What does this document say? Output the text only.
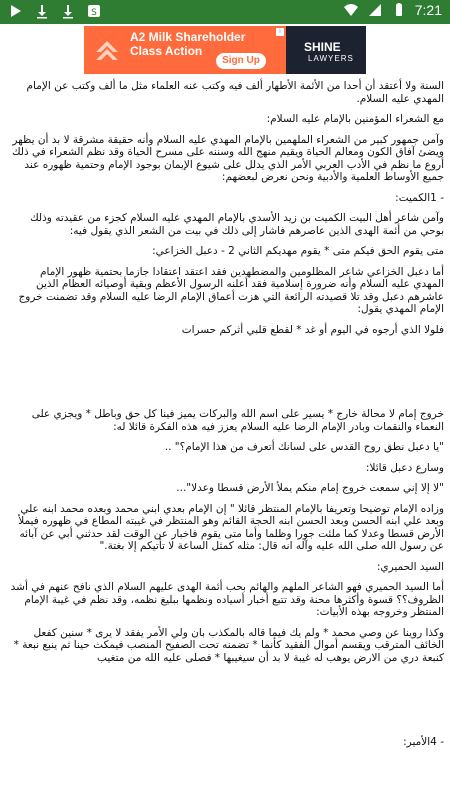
S	7:21
A2 Milk Shareholder
Class Action
Sign Up
i
SHINE
LAWYERS

السنة ولا أعتقد أن أحدا من الأئمة الأطهار ألف فيه وكتب عنه العلماء مثل ما ألف وكتب عن الإمام المهدي عليه السلام.

مع الشعراء المؤمنين بالإمام عليه السلام:

وآمن جمهور كبير من الشعراء الملهمين بالإمام المهدي عليه السلام وأنه حقيقة مشرقة لا بد أن يظهر ويضئ آفاق الكون ومعالم الحياة ويقيم منهج الله وسننه على مسرح الحياة وقد نظم الشعراء في ذلك أروع ما نظم في الأدب العربي الأمر الذي يدلل على شيوع الإيمان بوجود الإمام وحتمية ظهوره عند جميع الأوساط العلمية والأدبية ونحن نعرض لبعضهم:

- 1الكميت:

وآمن شاعر أهل البيت الكميت بن زيد الأسدي بالإمام المهدي عليه السلام كجزء من عقيدته وذلك بوحي من أئمة الهدى الذين عاصرهم فاشار إلى ذلك في بيت من الشعر الذي يقول فيه:

متى يقوم الحق فيكم متى * يقوم مهديكم الثاني 2 - دعبل الخزاعي:

أما دعبل الخزاعي شاعر المظلومين والمضطهدين فقد اعتقد اعتقادا جازما بحتمية ظهور الإمام المهدي عليه السلام وأنه ضرورة إسلامية فقد أعلنه الرسول الأعظم وبقية أوصيائه العظام الذين عاشرهم دعبل وقد تلا قصيدته الرائعة التي هزت أعماق الإمام الرضا عليه السلام وقد تضمنت خروج الإمام المهدي يقول:

فلولا الذي أرجوه في اليوم أو غد * لقطع قلبي أثركم حسرات

خروج إمام لا محالة خارج * يسير على اسم الله والبركات يميز فينا كل حق وباطل * ويجزي على النعماء والنقمات وبادر الإمام الرضا عليه السلام يعزز فيه هذه الفكرة قائلا له:

"يا دعبل نطق روح القدس على لسانك أتعرف من هذا الإمام؟" ..

وسارع دعبل قائلا:

"لا إلا إني سمعت خروج إمام منكم يملأ الأرض قسطا وعدلا"...

وزاده الإمام توضيحا وتعريفا بالإمام المنتظر قائلا " إن الإمام بعدي ابني محمد وبعده محمد ابنه علي وبعد علي ابنه الحسن وبعد الحسن ابنه الحجة القائم وهو المنتظر في غيبته المطاع في ظهوره فيملأ الأرض قسطا وعدلا كما ملئت جورا وظلما وأما متى يقوم فاخبار عن الوقت لقد حدثني أبي عن آبائه عن رسول الله صلى الله عليه وآله انه قال: مثله كمثل الساعة لا تأتيكم إلا بغتة."

السيد الحميري:

أما السيد الحميري فهو الشاعر الملهم والهائم بحب أئمة الهدى عليهم السلام الذي نافح عنهم في أشد الظروف؟؟ قسوة وأكثرها محنة وقد تتبع أخبار أسياده ونظمها ببليغ نظمه، وقد نظم في غيبة الإمام المنتظر وخروجه بهذه الأبيات:

وكذا روينا عن وصي محمد * ولم يك فيما قاله بالمكذب بان ولي الأمر يفقد لا يرى * سنين كفعل الخائف المترقب ويقسم أموال الفقيد كأنما * تضمنه تحت الصفيح المنصب فيمكث حينا ثم ينبع نبعة * كنبعة دري من الارض يوهب له غيبة لا بد أن سيغيبها * فصلى عليه الله من متغيب

- 4الأمير:
